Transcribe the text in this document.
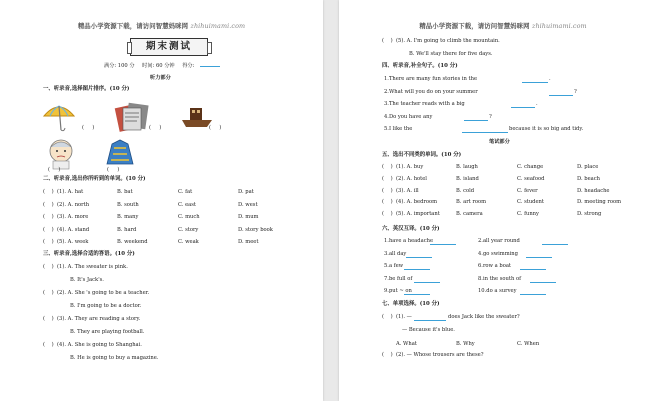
精品小学资源下载，请访问智慧妈咪网 zhihuimami.com
期末测试
满分: 100 分 时间: 60 分钟 得分:
听力部分
一、听录音,选择图片排序。(10 分)
(     )	(     )	(     )
(     )	(     )
二、听录音,选出你所听到的单词。(10 分)
(    ) (1). A. hat	B. bat	C. fat	D. pat
(    ) (2). A. north	B. south	C. east	D. west
(    ) (3). A. more	B. many	C. much	D. mum
(    ) (4). A. stand	B. hard	C. story	D. story book
(    ) (5). A. week	B. weekend	C. weak	D. meet
三、听录音,选择合适的答语。(10 分)
(    ) (1). A. The sweater is pink.
B. It's Jack's.
(    ) (2). A. She 's going to be a teacher.
B. I'm going to be a doctor.
(    ) (3). A. They are reading a story.
B. They are playing football.
(    ) (4). A. She is going to Shanghai.
B. He is going to buy a magazine.
精品小学资源下载，请访问智慧妈咪网 zhihuimami.com
(    ) (5). A. I'm going to climb the mountain.
B. We'll stay there for five days.
四、听录音,补全句子。(10 分)
1.There are many fun stories in the	.
2.What will you do on your summer	?
3.The teacher reads with a big	.
4.Do you have any	?
5.I like the	because it is so big and tidy.
笔试部分
五、选出不同类的单词。(10 分)
(    ) (1). A. buy	B. laugh	C. change	D. place
(    ) (2). A. hotel	B. island	C. seafood	D. beach
(    ) (3). A. ill	B. cold	C. fever	D. headache
(    ) (4). A. bedroom	B. art room	C. student	D. meeting room
(    ) (5). A. important	B. camera	C. funny	D. strong
六、英汉互译。(10 分)
1.have a headache	2.all year round
3.all day	4.go swimming
5.a few	6.row a boat
7.be full of	8.in the south of
9.put ~ on	10.do a survey
七、单项选择。(10 分)
(    ) (1). —	does Jack like the sweater?
— Because it's blue.
A. What	B. Why	C. When
(    ) (2). — Whose trousers are these?
